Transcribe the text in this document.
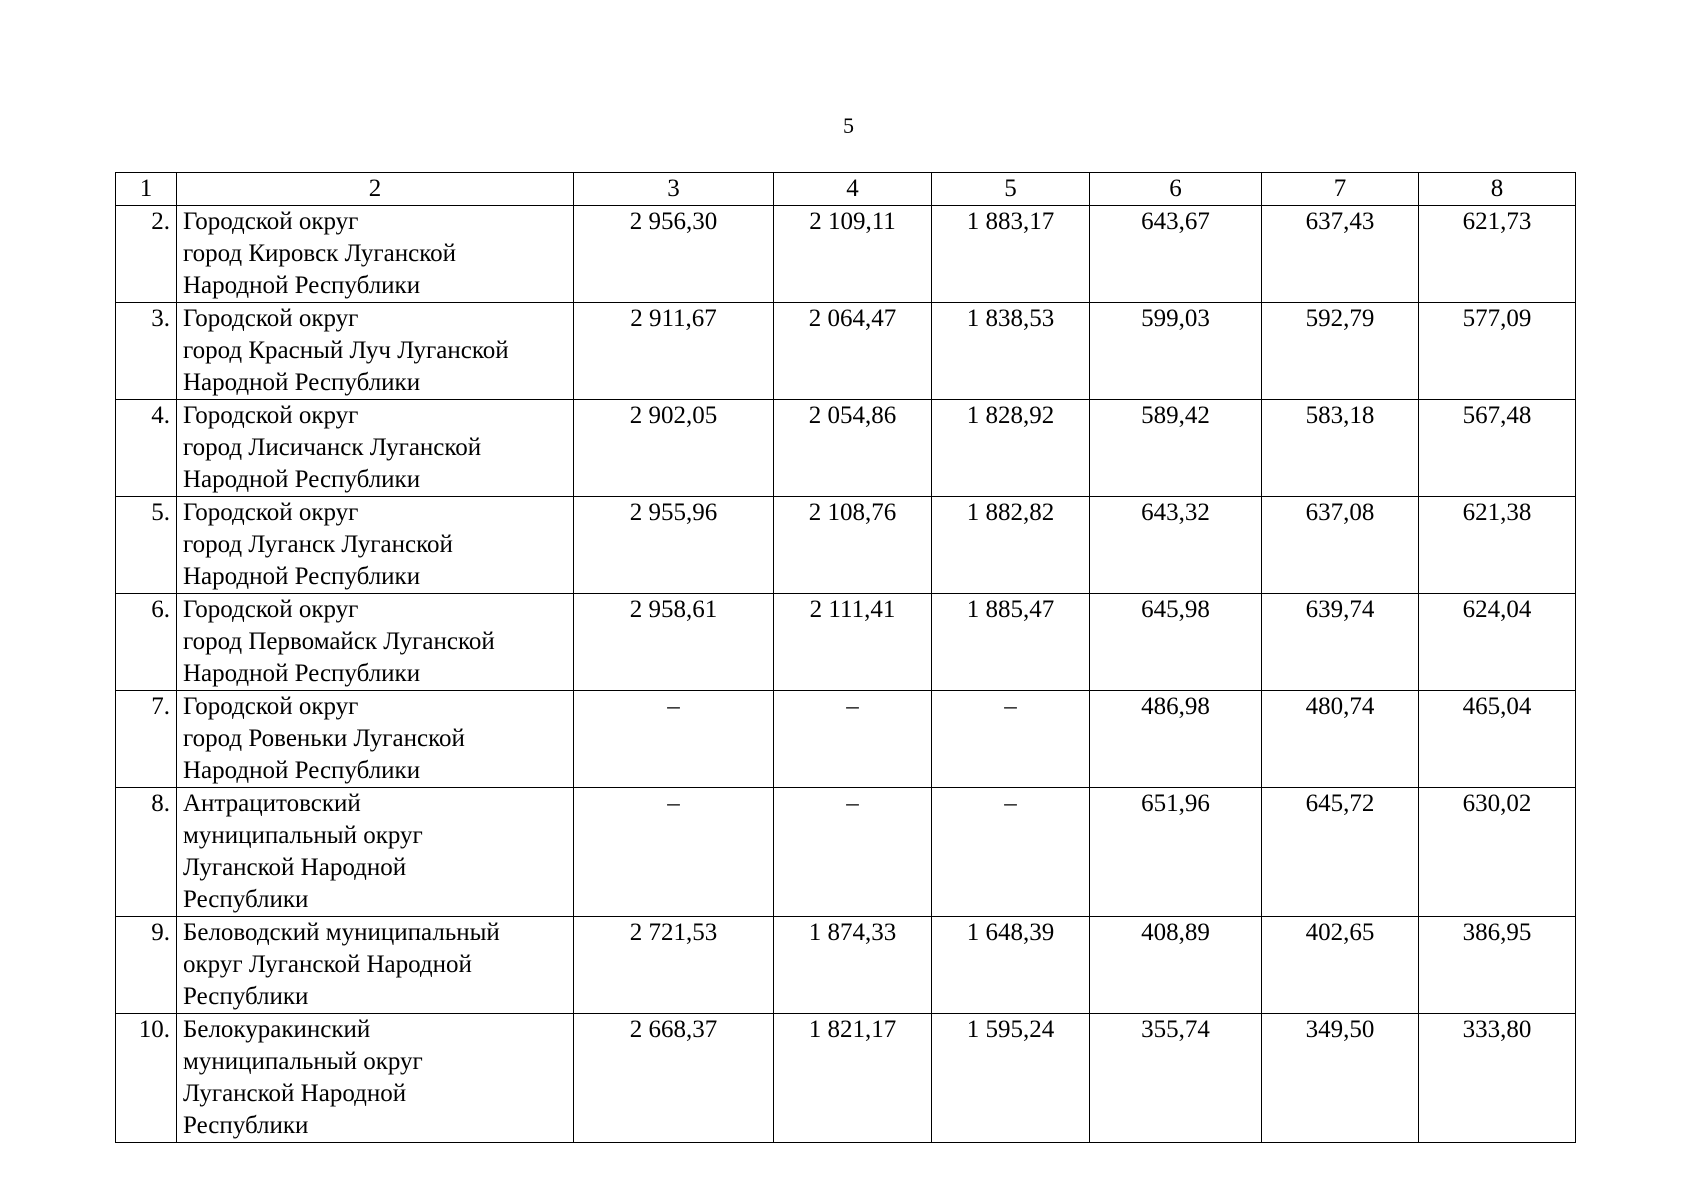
5
1	2	3	4	5	6	7	8
2.	Городской округ
город Кировск Луганской
Народной Республики	2 956,30	2 109,11	1 883,17	643,67	637,43	621,73
3.	Городской округ
город Красный Луч Луганской
Народной Республики	2 911,67	2 064,47	1 838,53	599,03	592,79	577,09
4.	Городской округ
город Лисичанск Луганской
Народной Республики	2 902,05	2 054,86	1 828,92	589,42	583,18	567,48
5.	Городской округ
город Луганск Луганской
Народной Республики	2 955,96	2 108,76	1 882,82	643,32	637,08	621,38
6.	Городской округ
город Первомайск Луганской
Народной Республики	2 958,61	2 111,41	1 885,47	645,98	639,74	624,04
7.	Городской округ
город Ровеньки Луганской
Народной Республики	–	–	–	486,98	480,74	465,04
8.	Антрацитовский
муниципальный округ
Луганской Народной
Республики	–	–	–	651,96	645,72	630,02
9.	Беловодский муниципальный
округ Луганской Народной
Республики	2 721,53	1 874,33	1 648,39	408,89	402,65	386,95
10.	Белокуракинский
муниципальный округ
Луганской Народной
Республики	2 668,37	1 821,17	1 595,24	355,74	349,50	333,80
